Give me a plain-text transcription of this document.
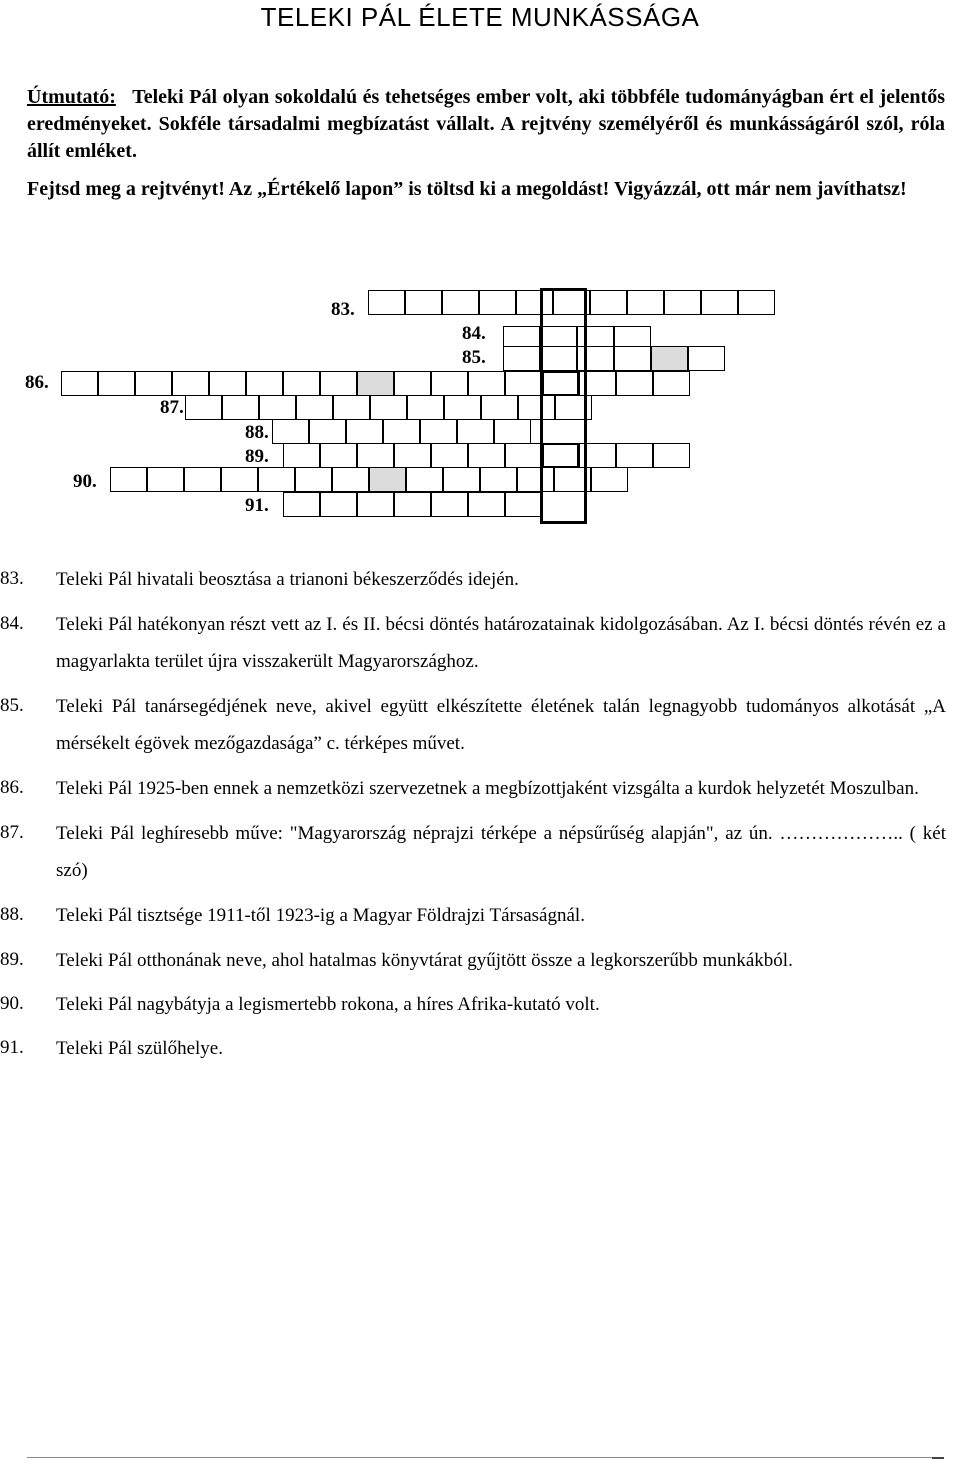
TELEKI PÁL ÉLETE MUNKÁSSÁGA

Útmutató: Teleki Pál olyan sokoldalú és tehetséges ember volt, aki többféle tudományágban ért el jelentős eredményeket. Sokféle társadalmi megbízatást vállalt. A rejtvény személyéről és munkásságáról szól, róla állít emléket.

Fejtsd meg a rejtvényt! Az „Értékelő lapon” is töltsd ki a megoldást! Vigyázzál, ott már nem javíthatsz!

83.
84.
85.
86.
87.
88.
89.
90.
91.
83.	Teleki Pál hivatali beosztása a trianoni békeszerződés idején.
84.	Teleki Pál hatékonyan részt vett az I. és II. bécsi döntés határozatainak kidolgozásában. Az I. bécsi döntés révén ez a magyarlakta terület újra visszakerült Magyarországhoz.
85.	Teleki Pál tanársegédjének neve, akivel együtt elkészítette életének talán legnagyobb tudományos alkotását „A mérsékelt égövek mezőgazdasága” c. térképes művet.
86.	Teleki Pál 1925-ben ennek a nemzetközi szervezetnek a megbízottjaként vizsgálta a kurdok helyzetét Moszulban.
87.	Teleki Pál leghíresebb műve: "Magyarország néprajzi térképe a népsűrűség alapján", az ún. ……………….. ( két szó)
88.	Teleki Pál tisztsége 1911-től 1923-ig a Magyar Földrajzi Társaságnál.
89.	Teleki Pál otthonának neve, ahol hatalmas könyvtárat gyűjtött össze a legkorszerűbb munkákból.
90.	Teleki Pál nagybátyja a legismertebb rokona, a híres Afrika-kutató volt.
91.	Teleki Pál szülőhelye.
